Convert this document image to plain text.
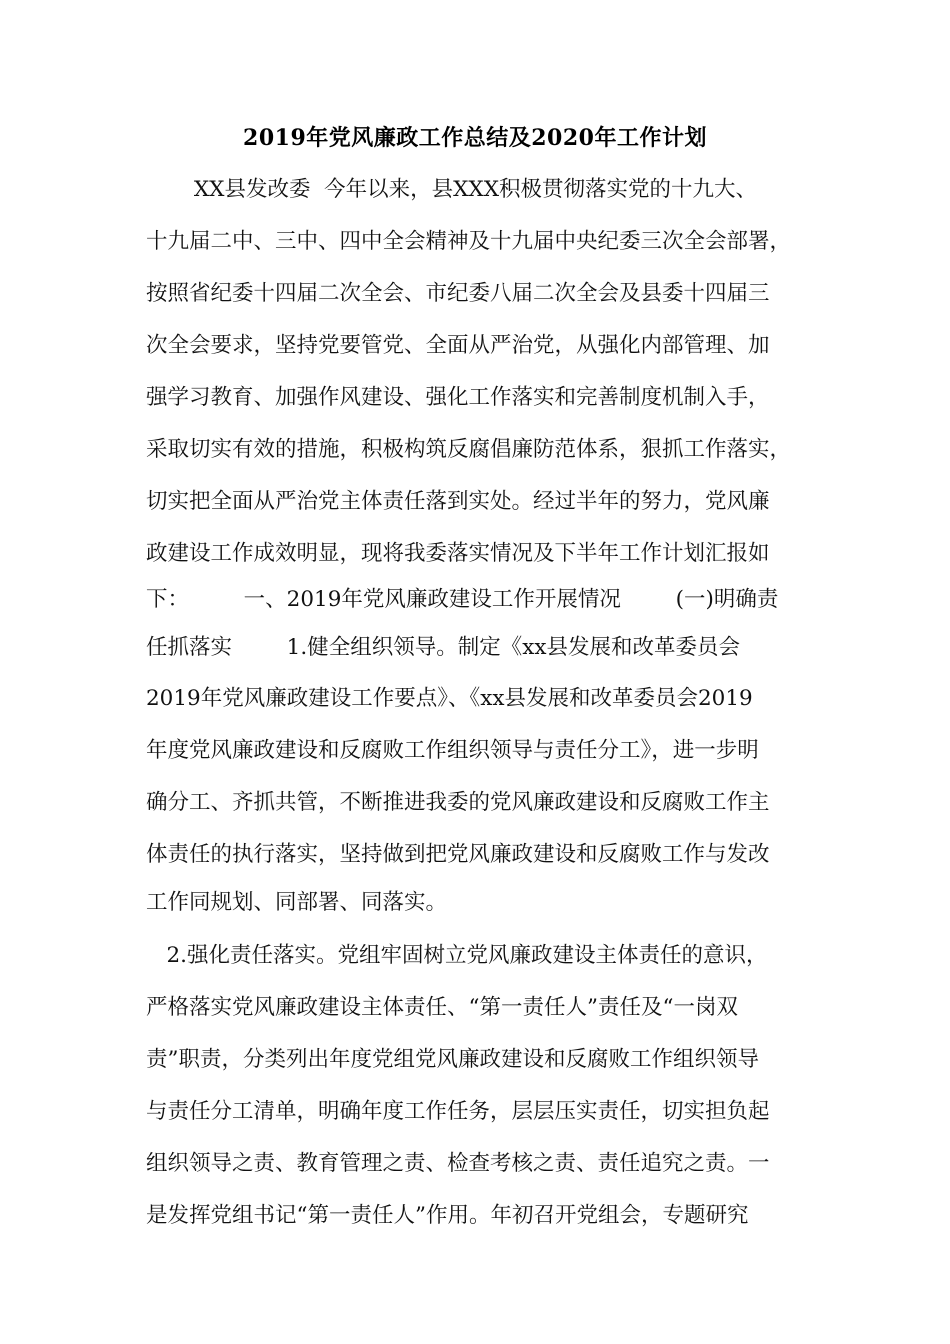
2019年党风廉政工作总结及2020年工作计划

XX县发改委  今年以来，县XXX积极贯彻落实党的十九大、

十九届二中、三中、四中全会精神及十九届中央纪委三次全会部署，

按照省纪委十四届二次全会、市纪委八届二次全会及县委十四届三

次全会要求，坚持党要管党、全面从严治党，从强化内部管理、加

强学习教育、加强作风建设、强化工作落实和完善制度机制入手，

采取切实有效的措施，积极构筑反腐倡廉防范体系，狠抓工作落实，

切实把全面从严治党主体责任落到实处。经过半年的努力，党风廉

政建设工作成效明显，现将我委落实情况及下半年工作计划汇报如

下：        一、2019年党风廉政建设工作开展情况        (一)明确责

任抓落实        1.健全组织领导。制定《xx县发展和改革委员会

2019年党风廉政建设工作要点》、《xx县发展和改革委员会2019

年度党风廉政建设和反腐败工作组织领导与责任分工》，进一步明

确分工、齐抓共管，不断推进我委的党风廉政建设和反腐败工作主

体责任的执行落实，坚持做到把党风廉政建设和反腐败工作与发改

工作同规划、同部署、同落实。

2.强化责任落实。党组牢固树立党风廉政建设主体责任的意识，

严格落实党风廉政建设主体责任、“第一责任人”责任及“一岗双

责”职责，分类列出年度党组党风廉政建设和反腐败工作组织领导

与责任分工清单，明确年度工作任务，层层压实责任，切实担负起

组织领导之责、教育管理之责、检查考核之责、责任追究之责。一

是发挥党组书记“第一责任人”作用。年初召开党组会，专题研究
